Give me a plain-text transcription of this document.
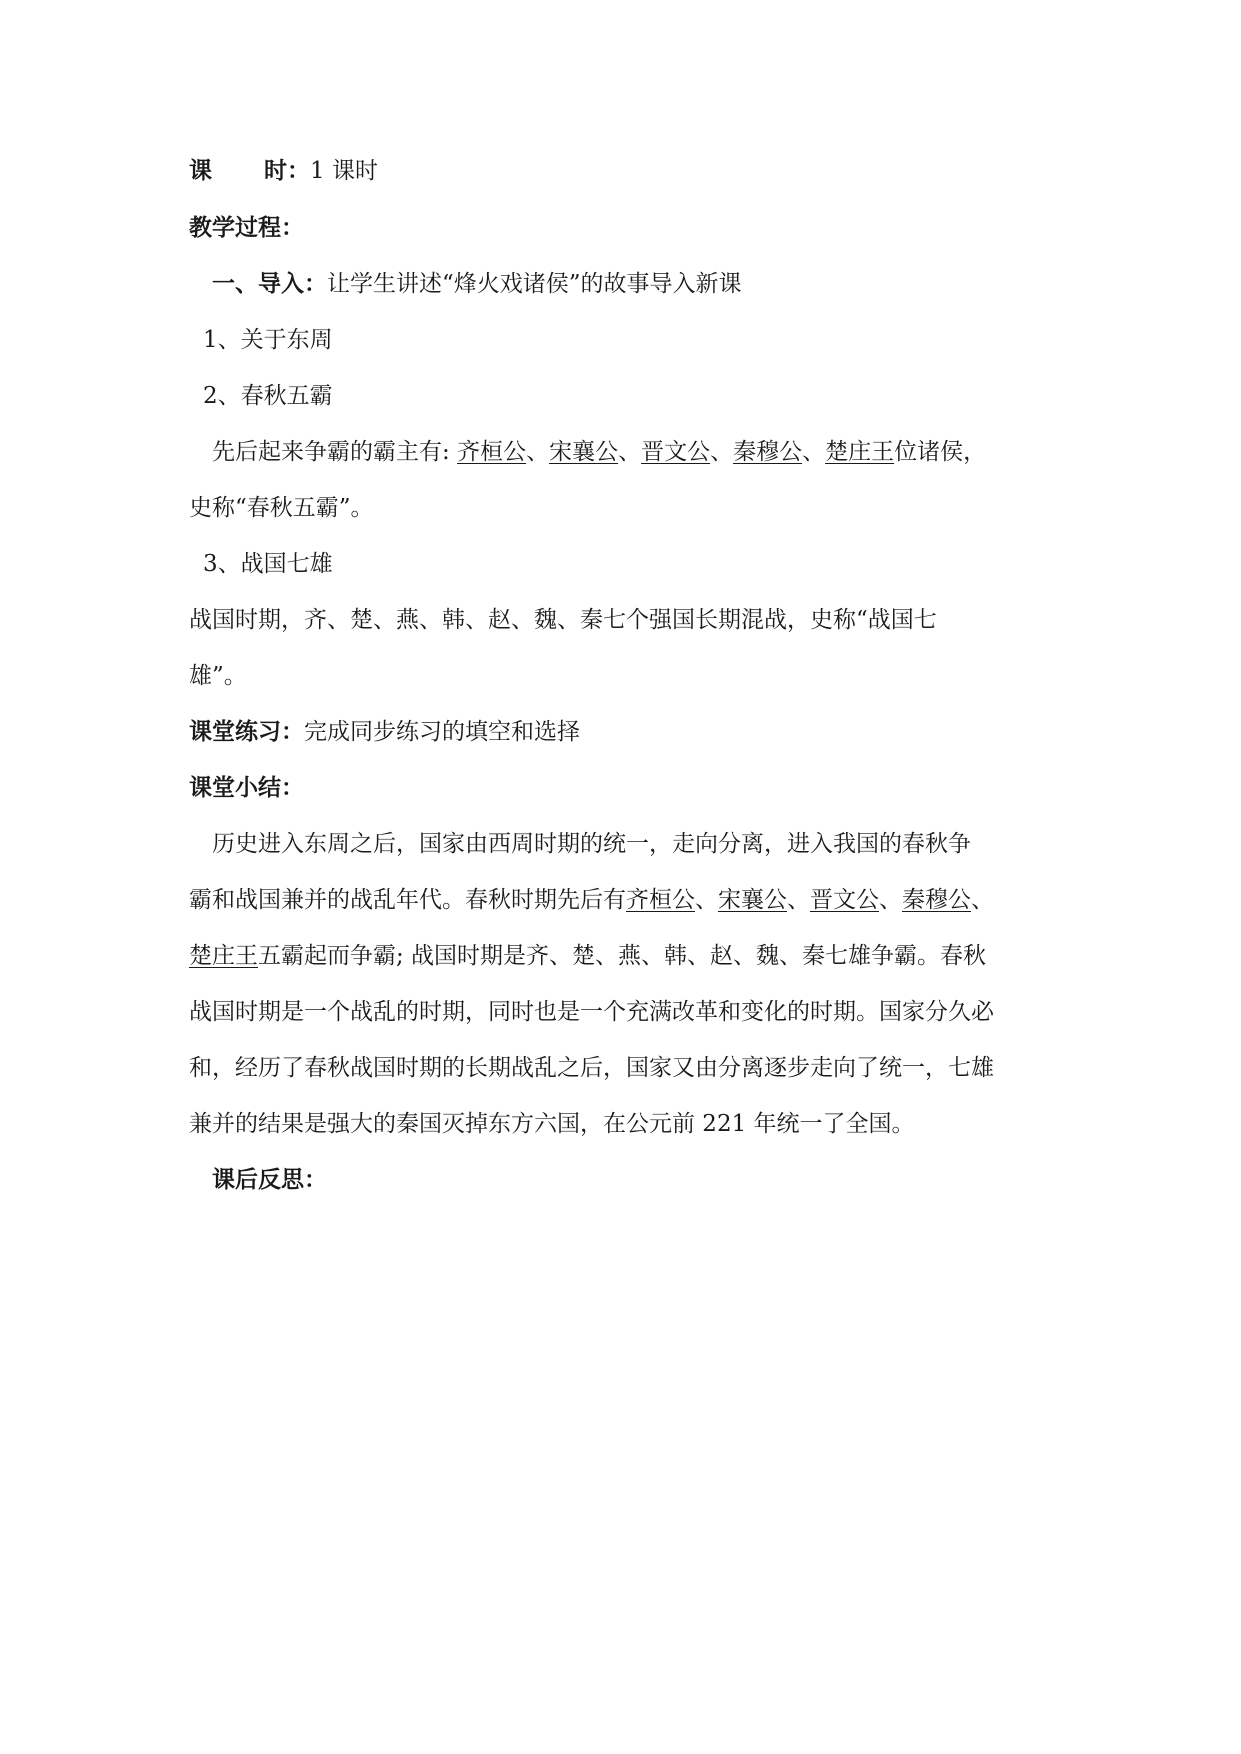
课 时：1 课时
教学过程：
一、导入：让学生讲述“烽火戏诸侯”的故事导入新课
1、关于东周
2、春秋五霸
先后起来争霸的霸主有: 齐桓公、宋襄公、晋文公、秦穆公、楚庄王位诸侯，
史称“春秋五霸”。
3、战国七雄
战国时期，齐、楚、燕、韩、赵、魏、秦七个强国长期混战，史称“战国七
雄”。
课堂练习：完成同步练习的填空和选择
课堂小结：
历史进入东周之后，国家由西周时期的统一，走向分离，进入我国的春秋争
霸和战国兼并的战乱年代。春秋时期先后有齐桓公、宋襄公、晋文公、秦穆公、
楚庄王五霸起而争霸; 战国时期是齐、楚、燕、韩、赵、魏、秦七雄争霸。春秋
战国时期是一个战乱的时期，同时也是一个充满改革和变化的时期。国家分久必
和，经历了春秋战国时期的长期战乱之后，国家又由分离逐步走向了统一，七雄
兼并的结果是强大的秦国灭掉东方六国，在公元前 221 年统一了全国。
课后反思：
